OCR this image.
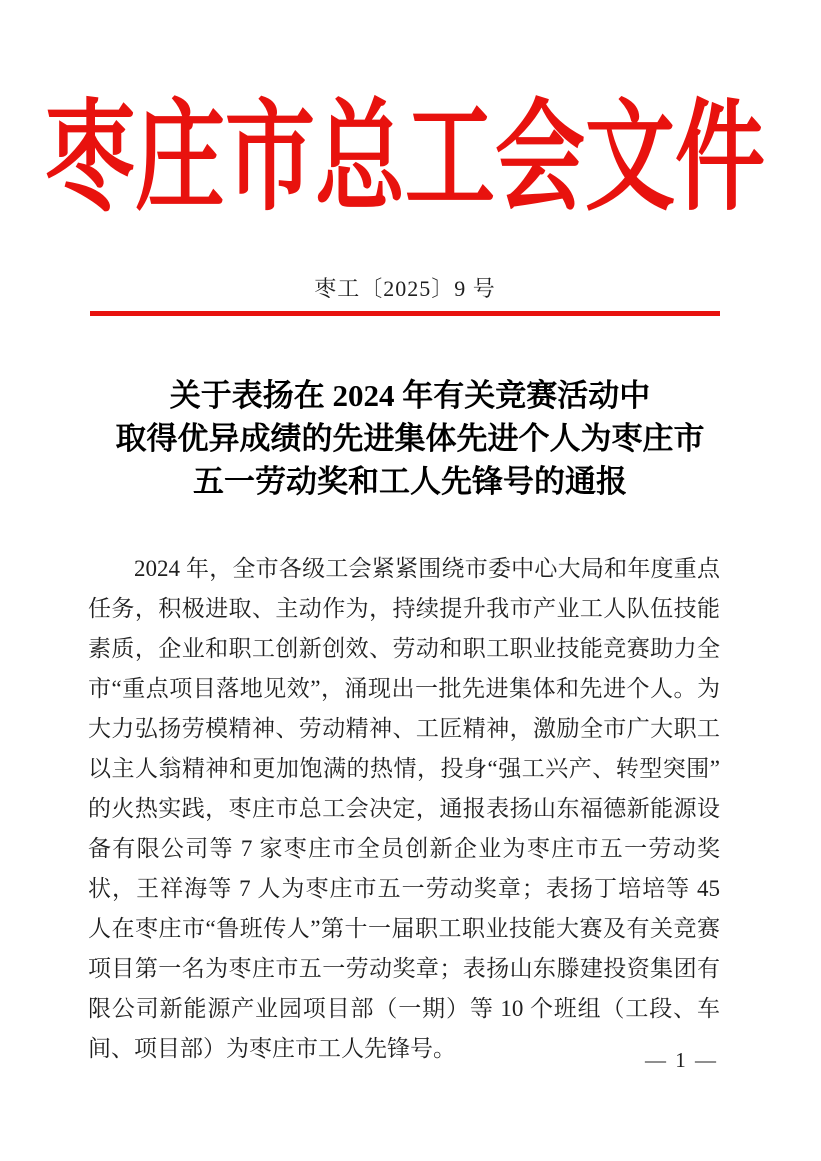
枣庄市总工会文件
枣工〔2025〕9 号
关于表扬在 2024 年有关竞赛活动中
取得优异成绩的先进集体先进个人为枣庄市
五一劳动奖和工人先锋号的通报

2024 年，全市各级工会紧紧围绕市委中心大局和年度重点任务，积极进取、主动作为，持续提升我市产业工人队伍技能素质，企业和职工创新创效、劳动和职工职业技能竞赛助力全市“重点项目落地见效”，涌现出一批先进集体和先进个人。为大力弘扬劳模精神、劳动精神、工匠精神，激励全市广大职工以主人翁精神和更加饱满的热情，投身“强工兴产、转型突围”的火热实践，枣庄市总工会决定，通报表扬山东福德新能源设备有限公司等 7 家枣庄市全员创新企业为枣庄市五一劳动奖状，王祥海等 7 人为枣庄市五一劳动奖章；表扬丁培培等 45 人在枣庄市“鲁班传人”第十一届职工职业技能大赛及有关竞赛项目第一名为枣庄市五一劳动奖章；表扬山东滕建投资集团有限公司新能源产业园项目部（一期）等 10 个班组（工段、车间、项目部）为枣庄市工人先锋号。	— 1 —
